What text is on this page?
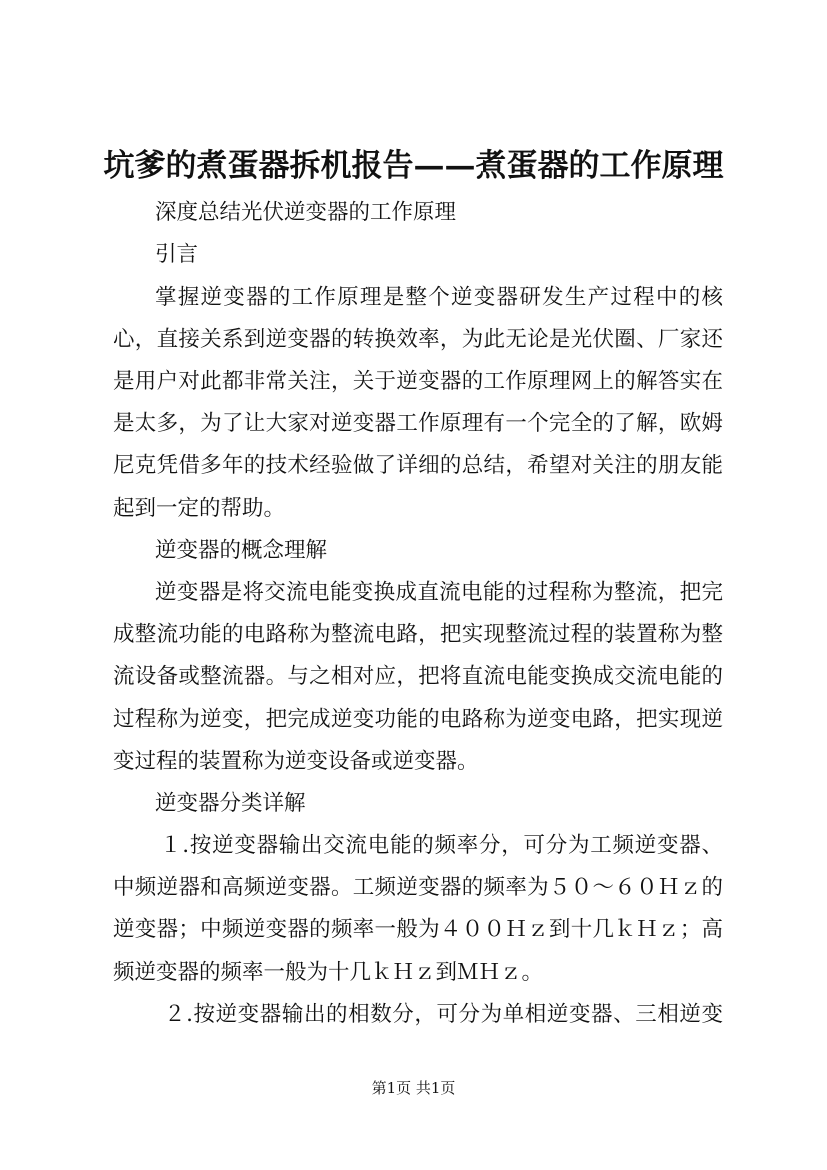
坑爹的煮蛋器拆机报告——煮蛋器的工作原理
深度总结光伏逆变器的工作原理
引言
掌握逆变器的工作原理是整个逆变器研发生产过程中的核
心，直接关系到逆变器的转换效率，为此无论是光伏圈、厂家还
是用户对此都非常关注，关于逆变器的工作原理网上的解答实在
是太多，为了让大家对逆变器工作原理有一个完全的了解，欧姆
尼克凭借多年的技术经验做了详细的总结，希望对关注的朋友能
起到一定的帮助。
逆变器的概念理解
逆变器是将交流电能变换成直流电能的过程称为整流，把完
成整流功能的电路称为整流电路，把实现整流过程的装置称为整
流设备或整流器。与之相对应，把将直流电能变换成交流电能的
过程称为逆变，把完成逆变功能的电路称为逆变电路，把实现逆
变过程的装置称为逆变设备或逆变器。
逆变器分类详解
１.按逆变器输出交流电能的频率分，可分为工频逆变器、
中频逆器和高频逆变器。工频逆变器的频率为５０～６０Ｈｚ的
逆变器；中频逆变器的频率一般为４００Ｈｚ到十几ｋＨｚ；高
频逆变器的频率一般为十几ｋＨｚ到ＭＨｚ。
２.按逆变器输出的相数分，可分为单相逆变器、三相逆变
第1页 共1页
